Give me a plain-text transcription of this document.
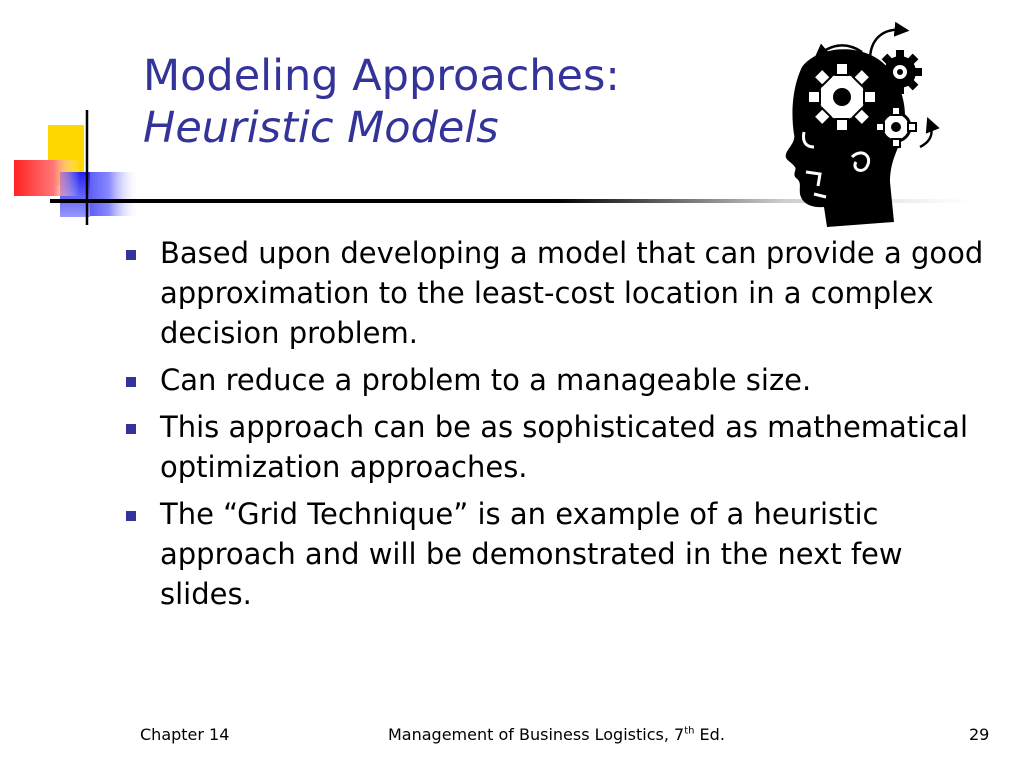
Modeling Approaches:
Heuristic Models
Based upon developing a model that can provide a good approximation to the least-cost location in a complex decision problem.
Can reduce a problem to a manageable size.
This approach can be as sophisticated as mathematical optimization approaches.
The “Grid Technique” is an example of a heuristic approach and will be demonstrated in the next few slides.
Chapter 14	Management of Business Logistics, 7th Ed.	29
